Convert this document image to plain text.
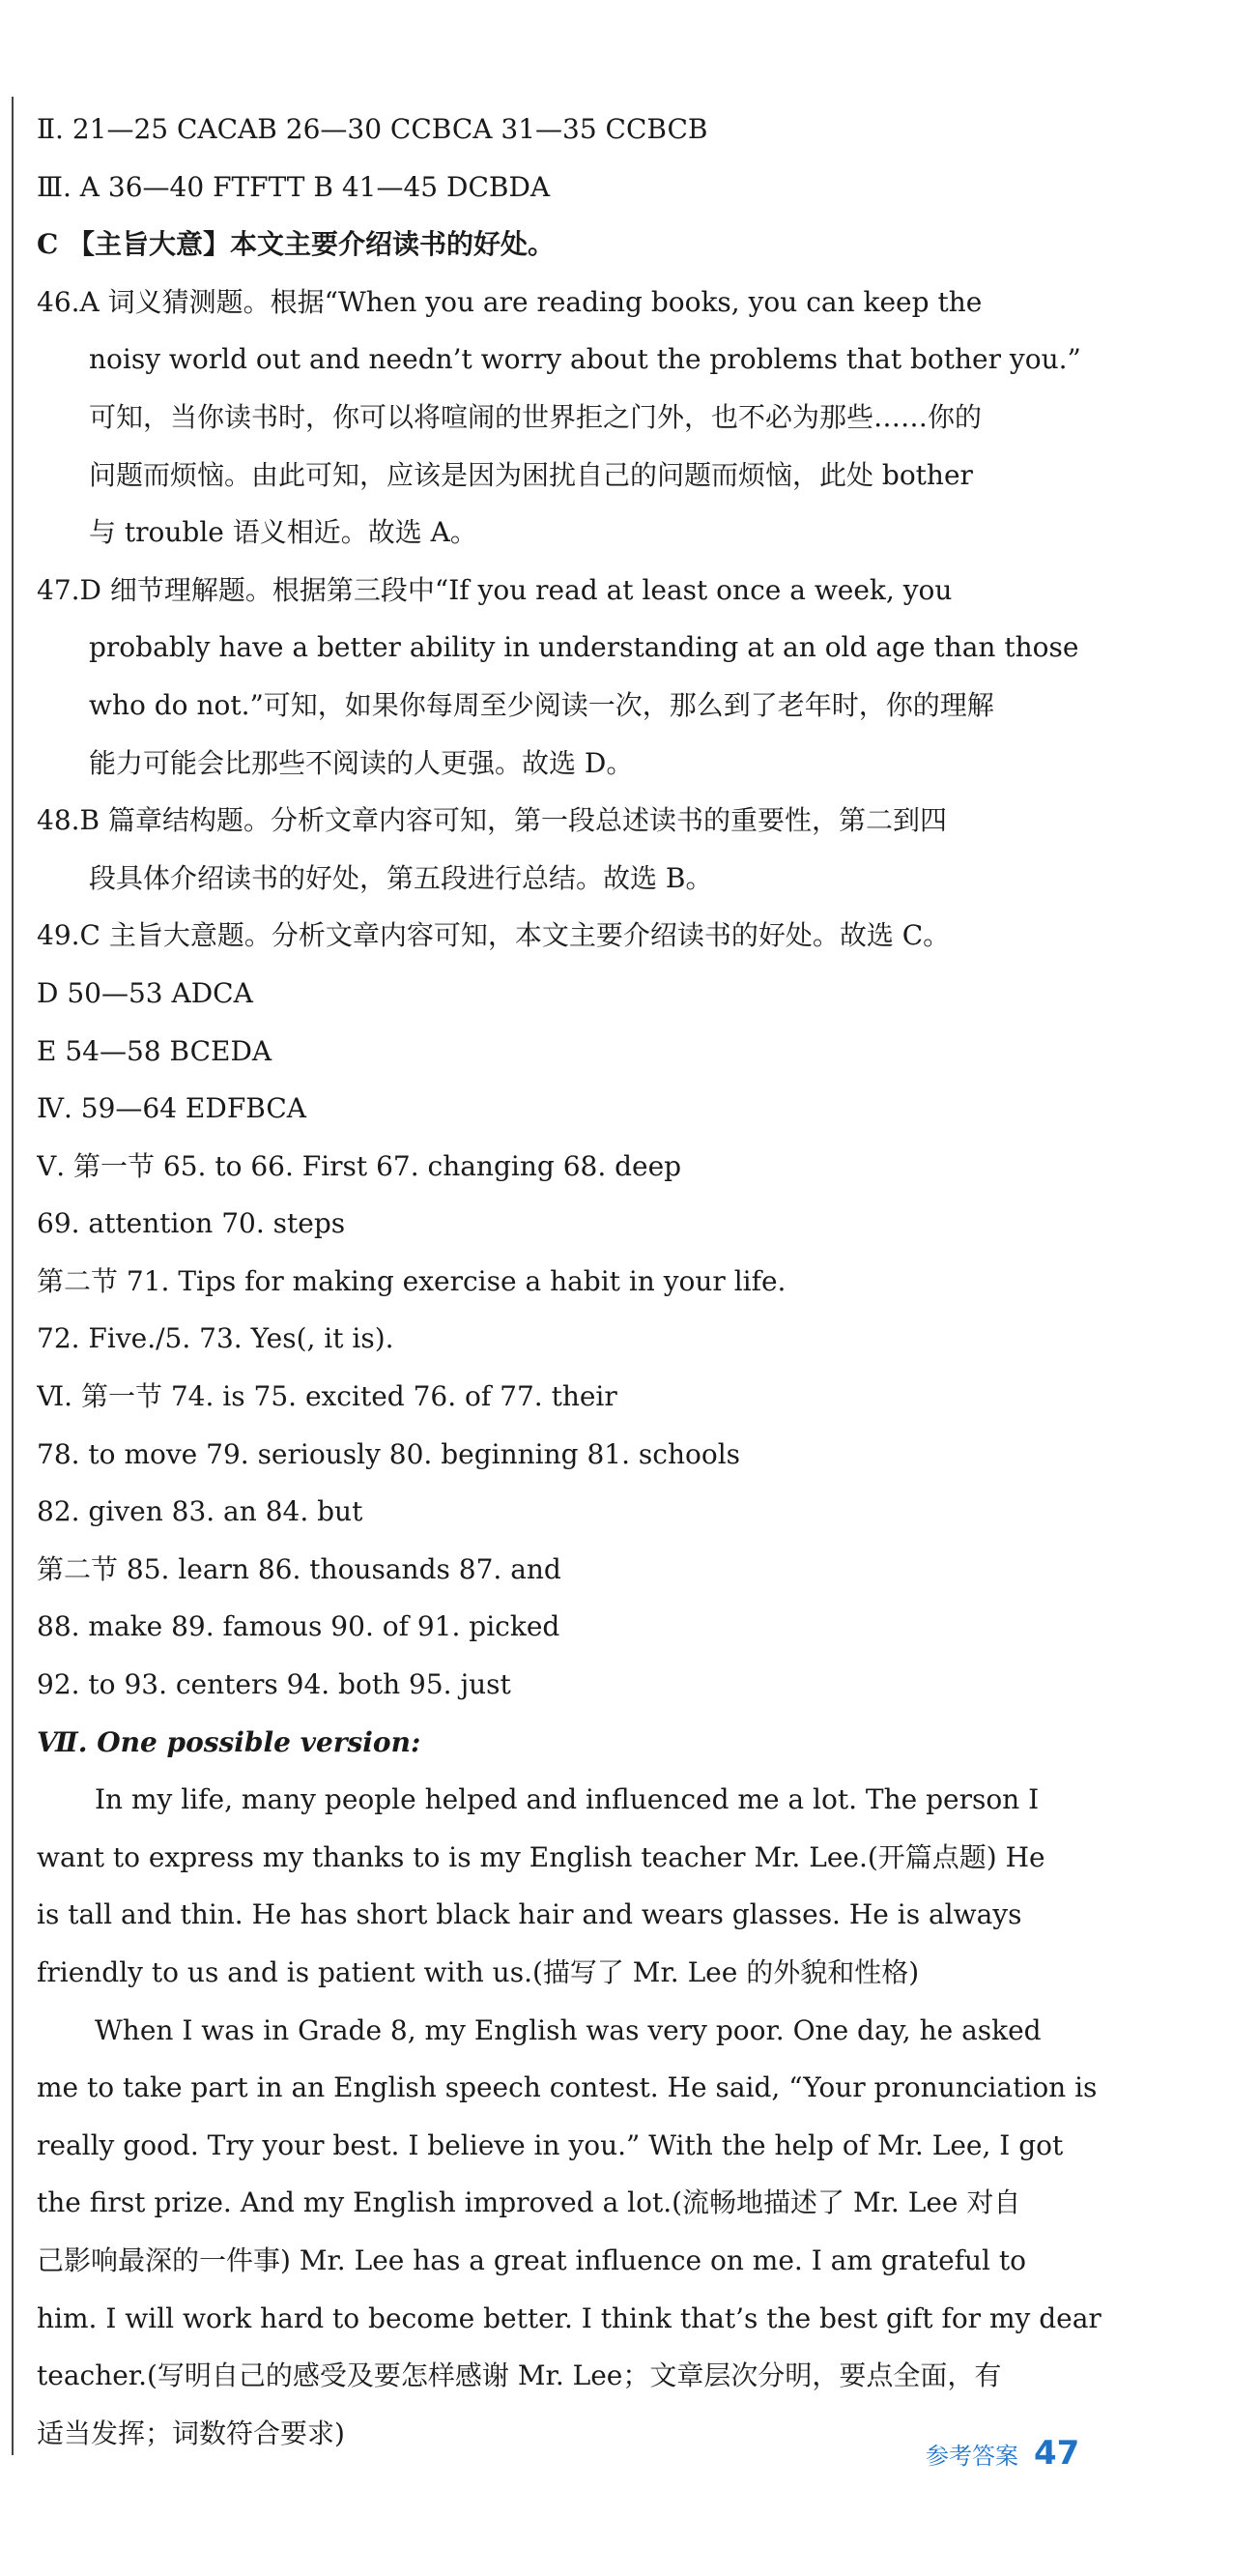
Ⅱ. 21—25 CACAB 26—30 CCBCA 31—35 CCBCB
Ⅲ. A 36—40 FTFTT B 41—45 DCBDA
C 【主旨大意】本文主要介绍读书的好处。
46.A 词义猜测题。根据“When you are reading books, you can keep the
noisy world out and needn’t worry about the problems that bother you.”
可知，当你读书时，你可以将喧闹的世界拒之门外，也不必为那些……你的
问题而烦恼。由此可知，应该是因为困扰自己的问题而烦恼，此处 bother
与 trouble 语义相近。故选 A。
47.D 细节理解题。根据第三段中“If you read at least once a week, you
probably have a better ability in understanding at an old age than those
who do not.”可知，如果你每周至少阅读一次，那么到了老年时，你的理解
能力可能会比那些不阅读的人更强。故选 D。
48.B 篇章结构题。分析文章内容可知，第一段总述读书的重要性，第二到四
段具体介绍读书的好处，第五段进行总结。故选 B。
49.C 主旨大意题。分析文章内容可知，本文主要介绍读书的好处。故选 C。
D 50—53 ADCA
E 54—58 BCEDA
Ⅳ. 59—64 EDFBCA
Ⅴ. 第一节 65. to 66. First 67. changing 68. deep
69. attention 70. steps
第二节 71. Tips for making exercise a habit in your life.
72. Five./5. 73. Yes(, it is).
Ⅵ. 第一节 74. is 75. excited 76. of 77. their
78. to move 79. seriously 80. beginning 81. schools
82. given 83. an 84. but
第二节 85. learn 86. thousands 87. and
88. make 89. famous 90. of 91. picked
92. to 93. centers 94. both 95. just
Ⅶ. One possible version:
In my life, many people helped and influenced me a lot. The person I
want to express my thanks to is my English teacher Mr. Lee.(开篇点题) He
is tall and thin. He has short black hair and wears glasses. He is always
friendly to us and is patient with us.(描写了 Mr. Lee 的外貌和性格)
When I was in Grade 8, my English was very poor. One day, he asked
me to take part in an English speech contest. He said, “Your pronunciation is
really good. Try your best. I believe in you.” With the help of Mr. Lee, I got
the first prize. And my English improved a lot.(流畅地描述了 Mr. Lee 对自
己影响最深的一件事) Mr. Lee has a great influence on me. I am grateful to
him. I will work hard to become better. I think that’s the best gift for my dear
teacher.(写明自己的感受及要怎样感谢 Mr. Lee；文章层次分明，要点全面，有
适当发挥；词数符合要求)
参考答案 47
